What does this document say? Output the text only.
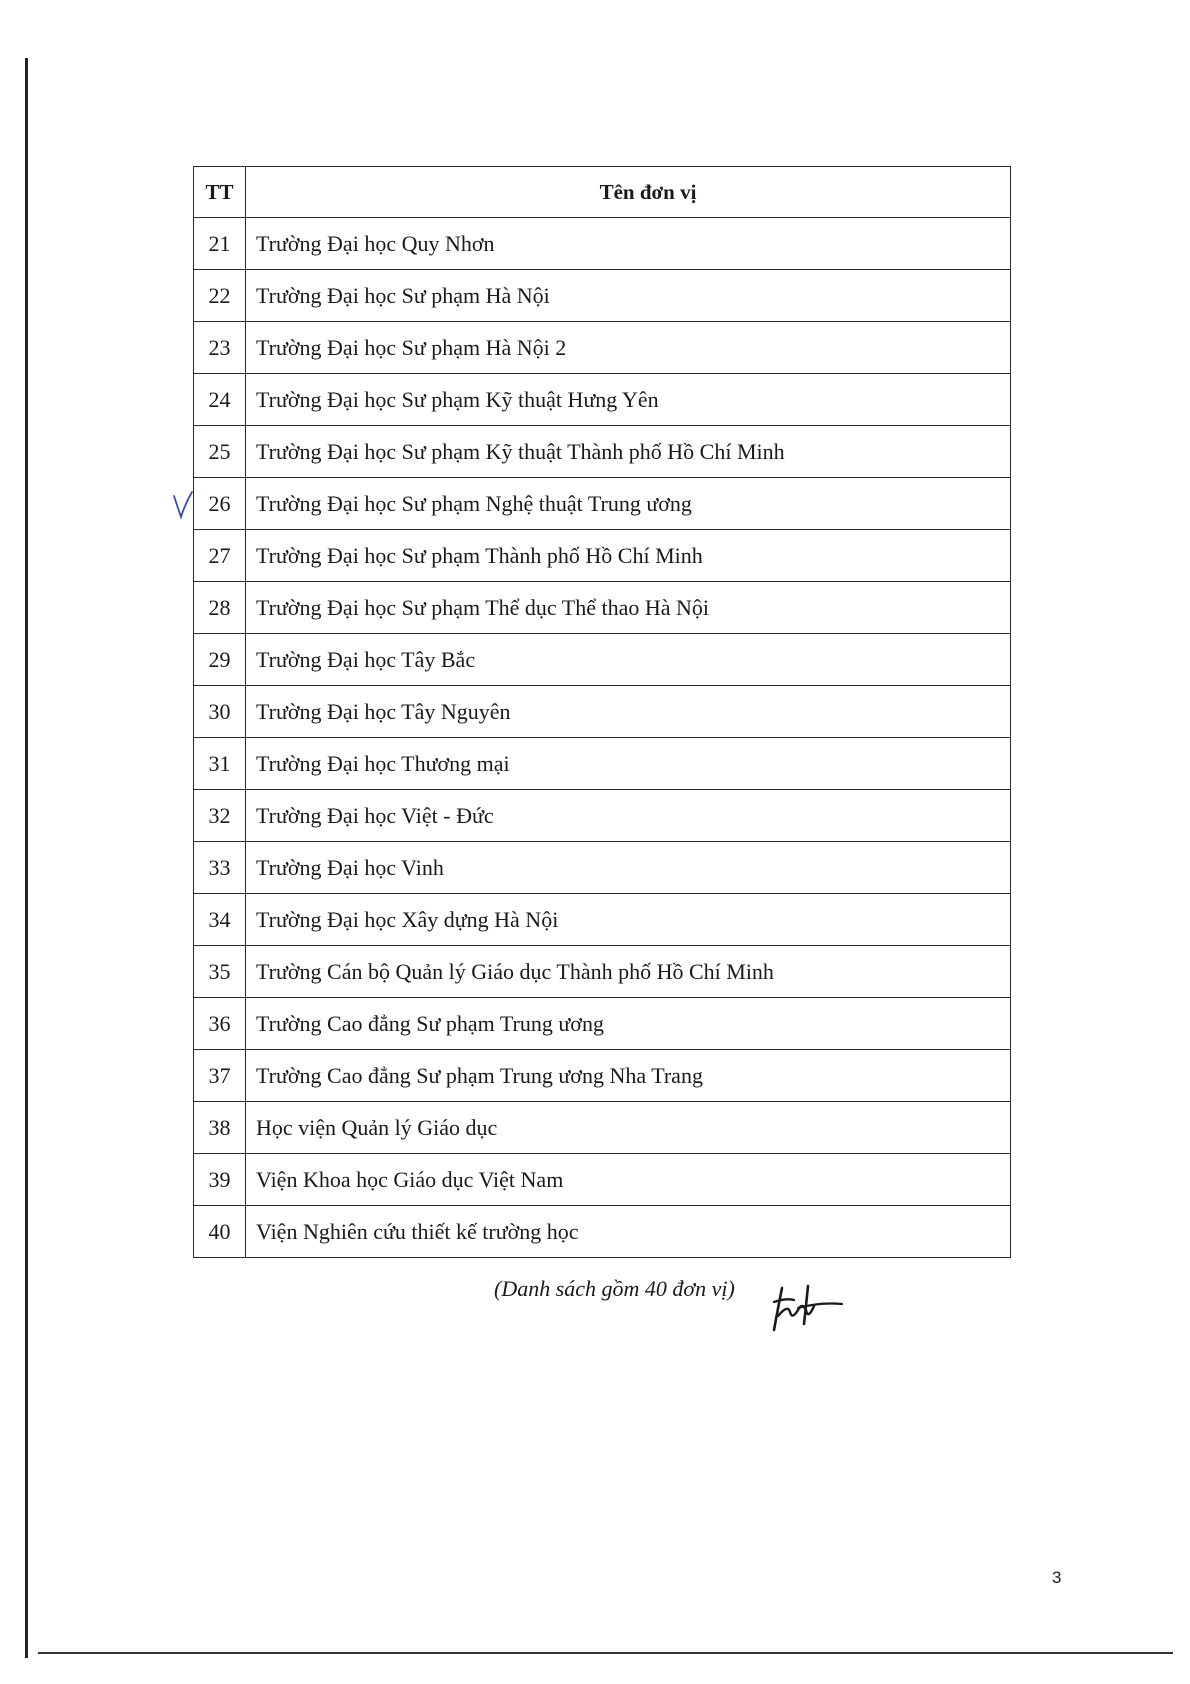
TT	Tên đơn vị
21	Trường Đại học Quy Nhơn
22	Trường Đại học Sư phạm Hà Nội
23	Trường Đại học Sư phạm Hà Nội 2
24	Trường Đại học Sư phạm Kỹ thuật Hưng Yên
25	Trường Đại học Sư phạm Kỹ thuật Thành phố Hồ Chí Minh
26	Trường Đại học Sư phạm Nghệ thuật Trung ương
27	Trường Đại học Sư phạm Thành phố Hồ Chí Minh
28	Trường Đại học Sư phạm Thể dục Thể thao Hà Nội
29	Trường Đại học Tây Bắc
30	Trường Đại học Tây Nguyên
31	Trường Đại học Thương mại
32	Trường Đại học Việt - Đức
33	Trường Đại học Vinh
34	Trường Đại học Xây dựng Hà Nội
35	Trường Cán bộ Quản lý Giáo dục Thành phố Hồ Chí Minh
36	Trường Cao đẳng Sư phạm Trung ương
37	Trường Cao đẳng Sư phạm Trung ương Nha Trang
38	Học viện Quản lý Giáo dục
39	Viện Khoa học Giáo dục Việt Nam
40	Viện Nghiên cứu thiết kế trường học
(Danh sách gồm 40 đơn vị)
3
